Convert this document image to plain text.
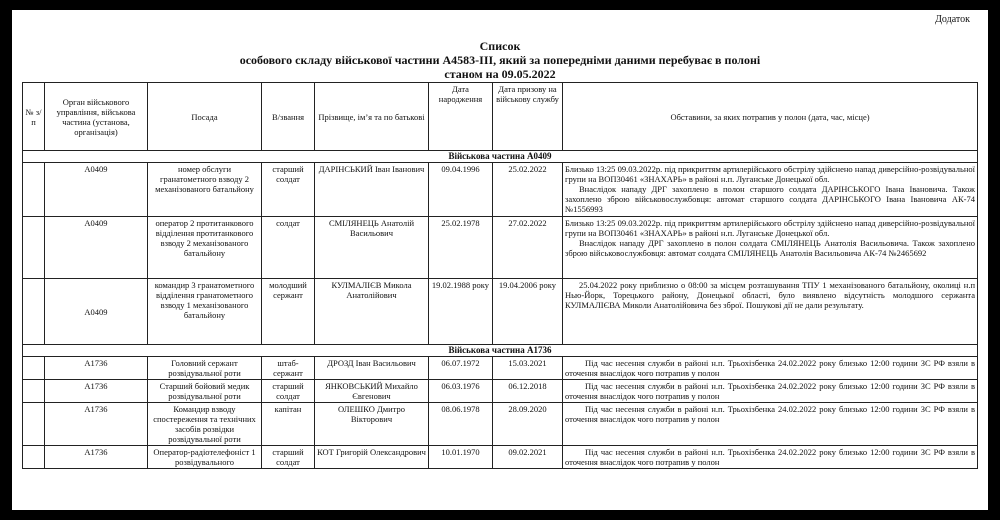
Додаток
Список
особового складу військової частини А4583-ІІІ, який за попередніми даними перебуває в полоні
станом на 09.05.2022
№ з/п	Орган військового управління, військова частина (установа, організація)	Посада	В/звання	Прізвище, ім’я та по батькові	Дата народження	Дата призову на військову службу	Обставини, за яких потрапив у полон (дата, час, місце)
Військова частина А0409							
	А0409	номер обслуги гранатометного взводу 2 механізованого батальйону	старший солдат	ДАРІНСЬКИЙ Іван Іванович	09.04.1996	25.02.2022	Близько 13:25 09.03.2022р. під прикриттям артилерійського обстрілу здійснено напад диверсійно-розвідувальної групи на ВОП30461 «ЗНАХАРЬ» в районі н.п. Луганське Донецької обл.

Внаслідок нападу ДРГ захоплено в полон старшого солдата ДАРІНСЬКОГО Івана Івановича. Також захоплено зброю військовослужбовця: автомат старшого солдата ДАРІНСЬКОГО Івана Івановича АК-74 №1556993

	А0409	оператор 2 протитанкового відділення протитанкового взводу 2 механізованого батальйону	солдат	СМІЛЯНЕЦЬ Анатолій Васильович	25.02.1978	27.02.2022	Близько 13:25 09.03.2022р. під прикриттям артилерійського обстрілу здійснено напад диверсійно-розвідувальної групи на ВОП30461 «ЗНАХАРЬ» в районі н.п. Луганське Донецької обл.

Внаслідок нападу ДРГ захоплено в полон солдата СМІЛЯНЕЦЬ Анатолія Васильовича. Також захоплено зброю військовослужбовця: автомат солдата СМІЛЯНЕЦЬ Анатолія Васильовича АК-74 №2465692

	А0409	командир 3 гранатометного відділення гранатометного взводу 1 механізованого батальйону	молодший сержант	КУЛМАЛІЄВ Микола Анатолійович	19.02.1988 року	19.04.2006 року	25.04.2022 року приблизно о 08:00 за місцем розташування ТПУ 1 механізованого батальйону, околиці н.п Нью-Йорк, Торецького району, Донецької області, було виявлено відсутність молодшого сержанта КУЛМАЛІЄВА Миколи Анатолійовича без зброї. Пошукові дії не дали результату.

Військова частина А1736							
	А1736	Головний сержант розвідувальної роти	штаб-сержант	ДРОЗД Іван Васильович	06.07.1972	15.03.2021	Під час несення служби в районі н.п. Трьохізбенка 24.02.2022 року близько 12:00 години ЗС РФ взяли в оточення внаслідок чого потрапив у полон

	А1736	Старший бойовий медик розвідувальної роти	старший солдат	ЯНКОВСЬКИЙ Михайло Євгенович	06.03.1976	06.12.2018	Під час несення служби в районі н.п. Трьохізбенка 24.02.2022 року близько 12:00 години ЗС РФ взяли в оточення внаслідок чого потрапив у полон

	А1736	Командир взводу спостереження та технічних засобів розвідки розвідувальної роти	капітан	ОЛЕШКО Дмитро Вікторович	08.06.1978	28.09.2020	Під час несення служби в районі н.п. Трьохізбенка 24.02.2022 року близько 12:00 години ЗС РФ взяли в оточення внаслідок чого потрапив у полон

	А1736	Оператор-радіотелефоніст 1 розвідувального	старший солдат	КОТ Григорій Олександрович	10.01.1970	09.02.2021	Під час несення служби в районі н.п. Трьохізбенка 24.02.2022 року близько 12:00 години ЗС РФ взяли в оточення внаслідок чого потрапив у полон
